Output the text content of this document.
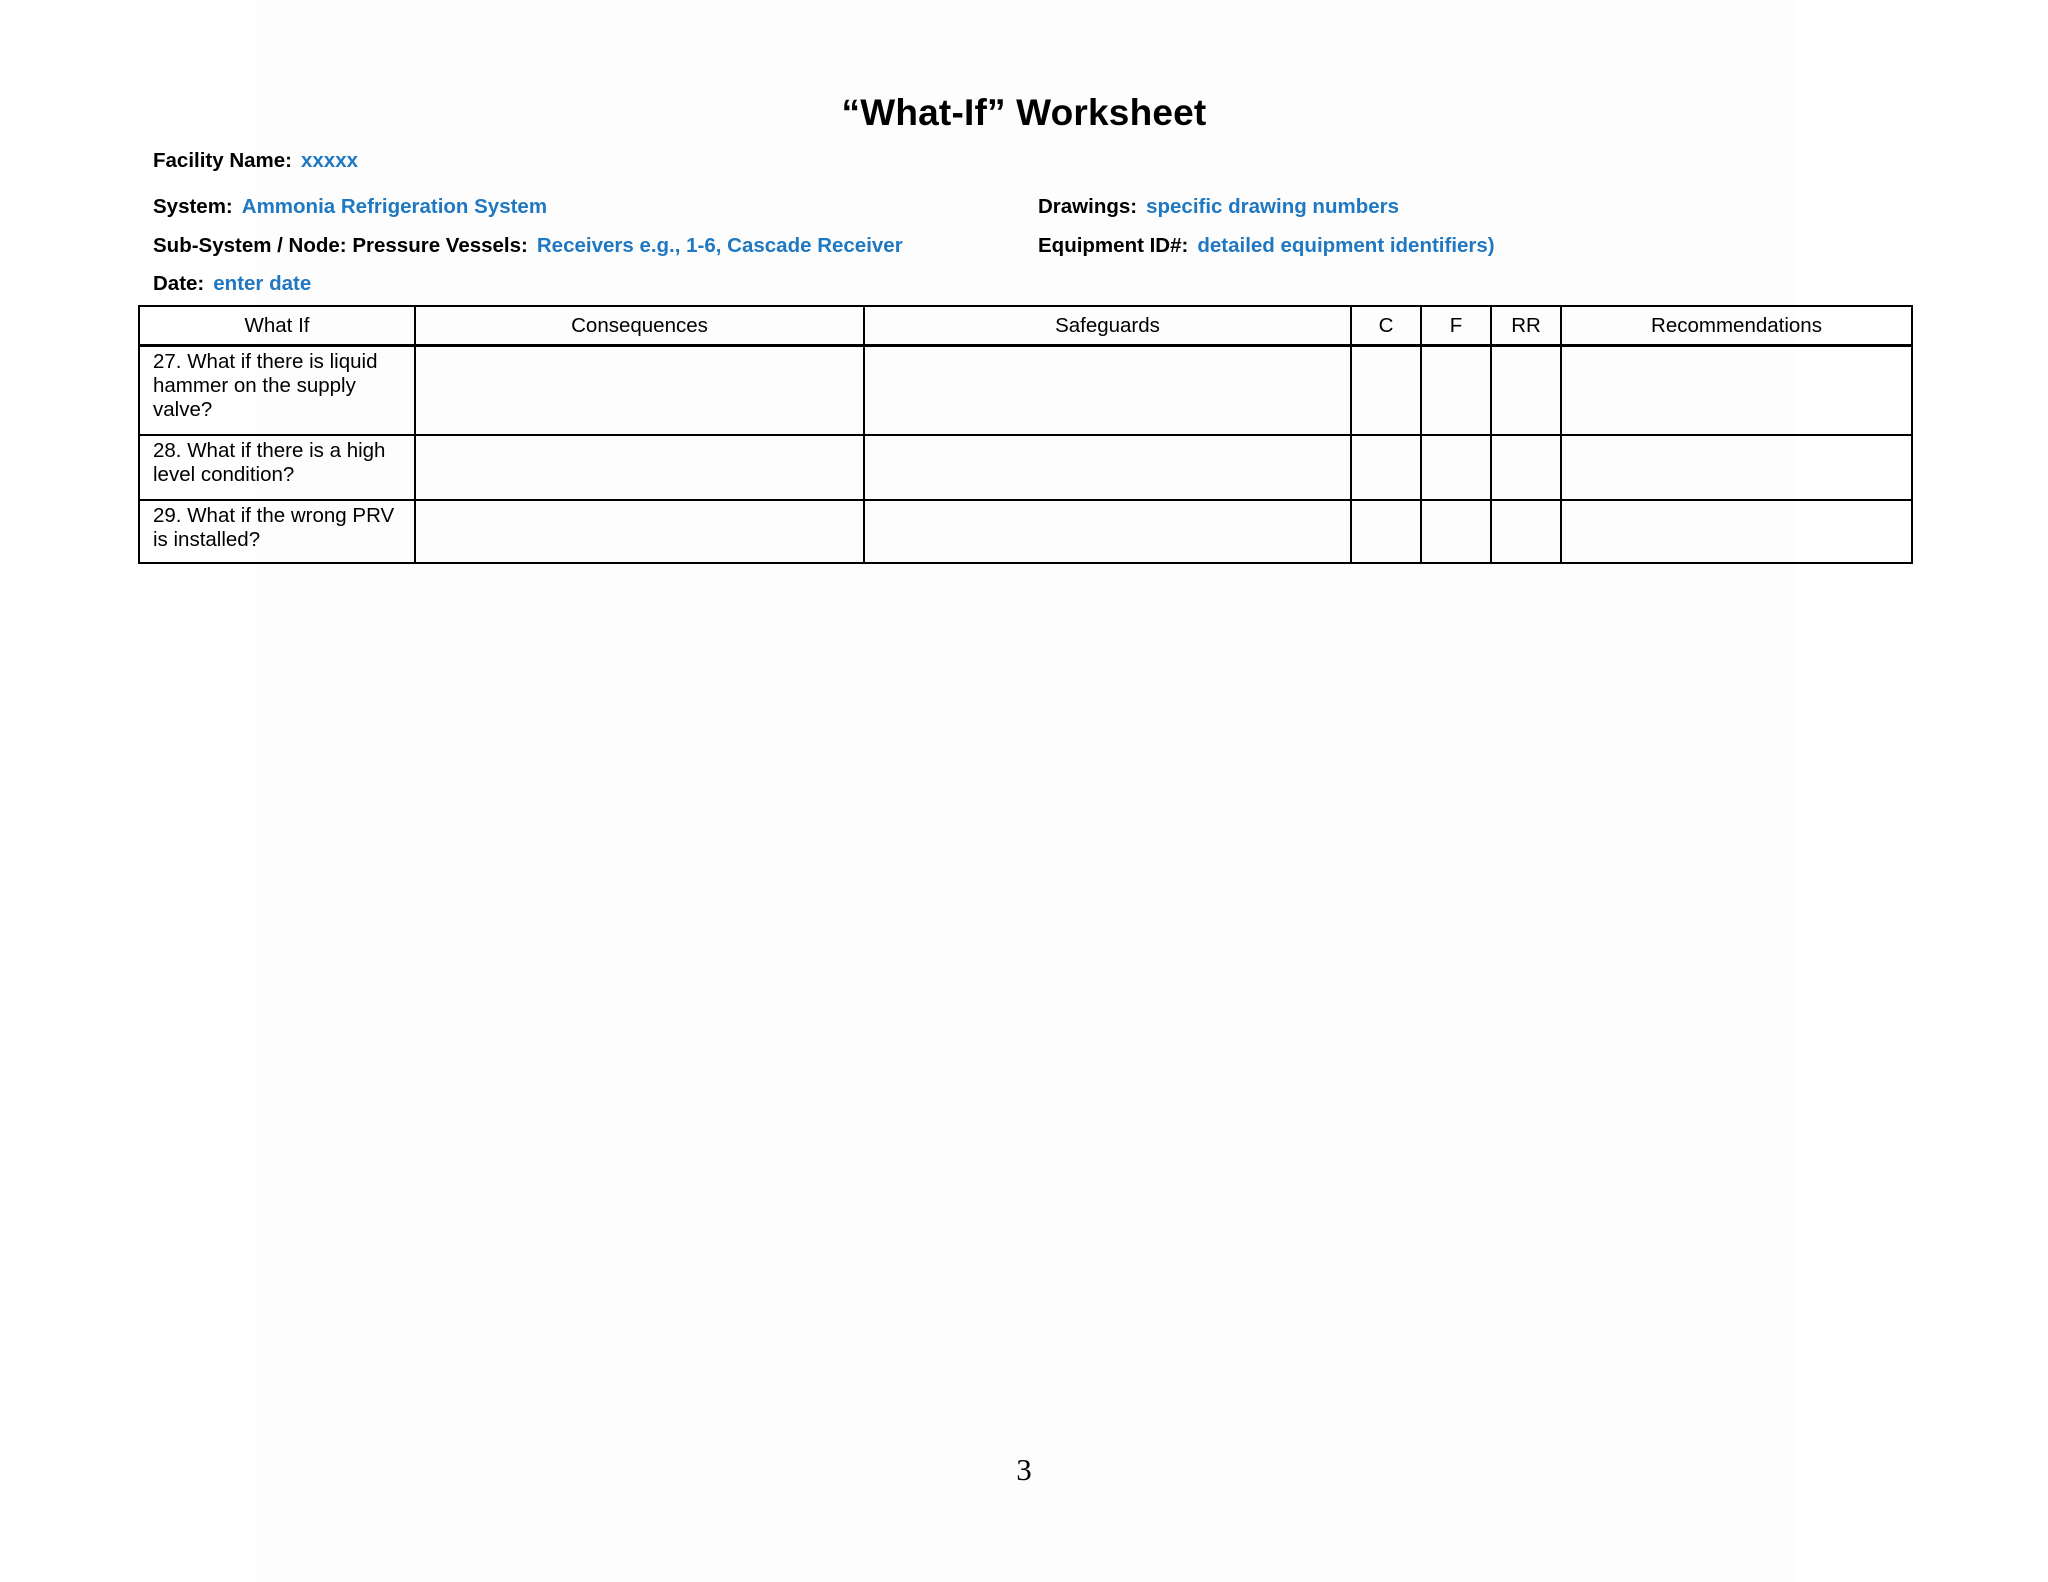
“What-If” Worksheet
Facility Name: xxxxx
System: Ammonia Refrigeration System
Sub-System / Node: Pressure Vessels: Receivers e.g., 1-6, Cascade Receiver
Date: enter date
Drawings: specific drawing numbers
Equipment ID#: detailed equipment identifiers)
What If	Consequences	Safeguards	C	F	RR	Recommendations
27. What if there is liquid hammer on the supply valve?						
28. What if there is a high level condition?						
29. What if the wrong PRV is installed?						
3
